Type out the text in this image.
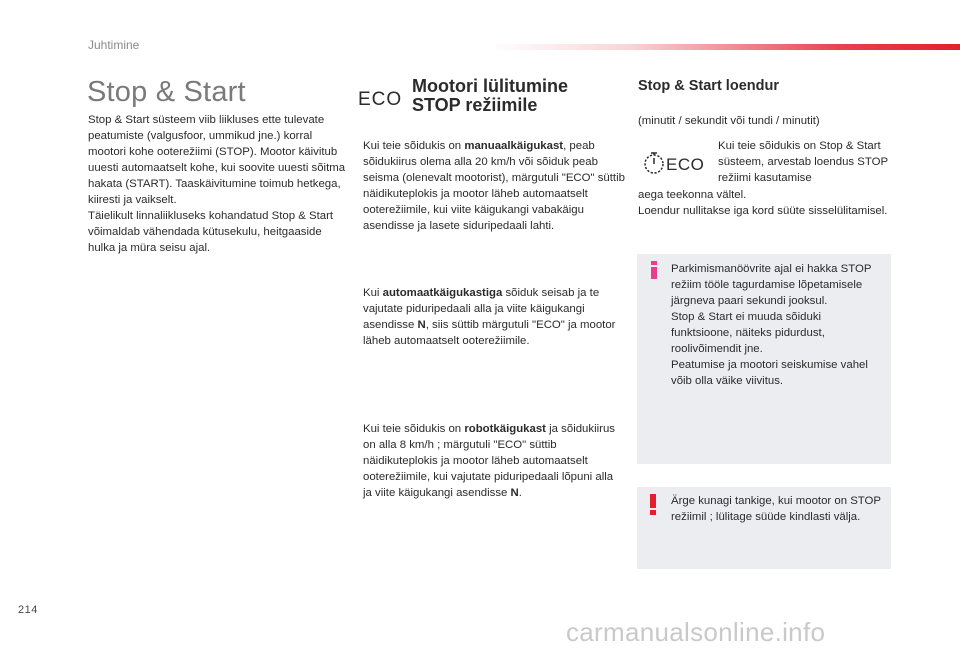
Juhtimine
Stop & Start
Stop & Start süsteem viib liikluses ette tulevate peatumiste (valgusfoor, ummikud jne.) korral mootori kohe ooterežiimi (STOP). Mootor käivitub uuesti automaatselt kohe, kui soovite uuesti sõitma hakata (START). Taaskäivitumine toimub hetkega, kiiresti ja vaikselt.
Täielikult linnaliikluseks kohandatud Stop & Start võimaldab vähendada kütusekulu, heitgaaside hulka ja müra seisu ajal.
ECO
Mootori lülitumine
STOP režiimile
Kui teie sõidukis on manuaalkäigukast, peab sõidukiirus olema alla 20 km/h või sõiduk peab seisma (olenevalt mootorist), märgutuli "ECO" süttib näidikuteplokis ja mootor läheb automaatselt ooterežiimile, kui viite käigukangi vabakäigu asendisse ja lasete siduripedaali lahti.
Kui automaatkäigukastiga sõiduk seisab ja te vajutate piduripedaali alla ja viite käigukangi asendisse N, siis süttib märgutuli "ECO" ja mootor läheb automaatselt ooterežiimile.
Kui teie sõidukis on robotkäigukast ja sõidukiirus on alla 8 km/h ; märgutuli "ECO" süttib näidikuteplokis ja mootor läheb automaatselt ooterežiimile, kui vajutate piduripedaali lõpuni alla ja viite käigukangi asendisse N.
Stop & Start loendur
(minutit / sekundit või tundi / minutit)
ECO
Kui teie sõidukis on Stop & Start süsteem, arvestab loendus STOP režiimi kasutamise
aega teekonna vältel.
Loendur nullitakse iga kord süüte sisselülitamisel.
Parkimismanöövrite ajal ei hakka STOP režiim tööle tagurdamise lõpetamisele järgneva paari sekundi jooksul.
Stop & Start ei muuda sõiduki funktsioone, näiteks pidurdust, roolivõimendit jne.
Peatumise ja mootori seiskumise vahel võib olla väike viivitus.
Ärge kunagi tankige, kui mootor on STOP režiimil ; lülitage süüde kindlasti välja.
214
carmanualsonline.info
